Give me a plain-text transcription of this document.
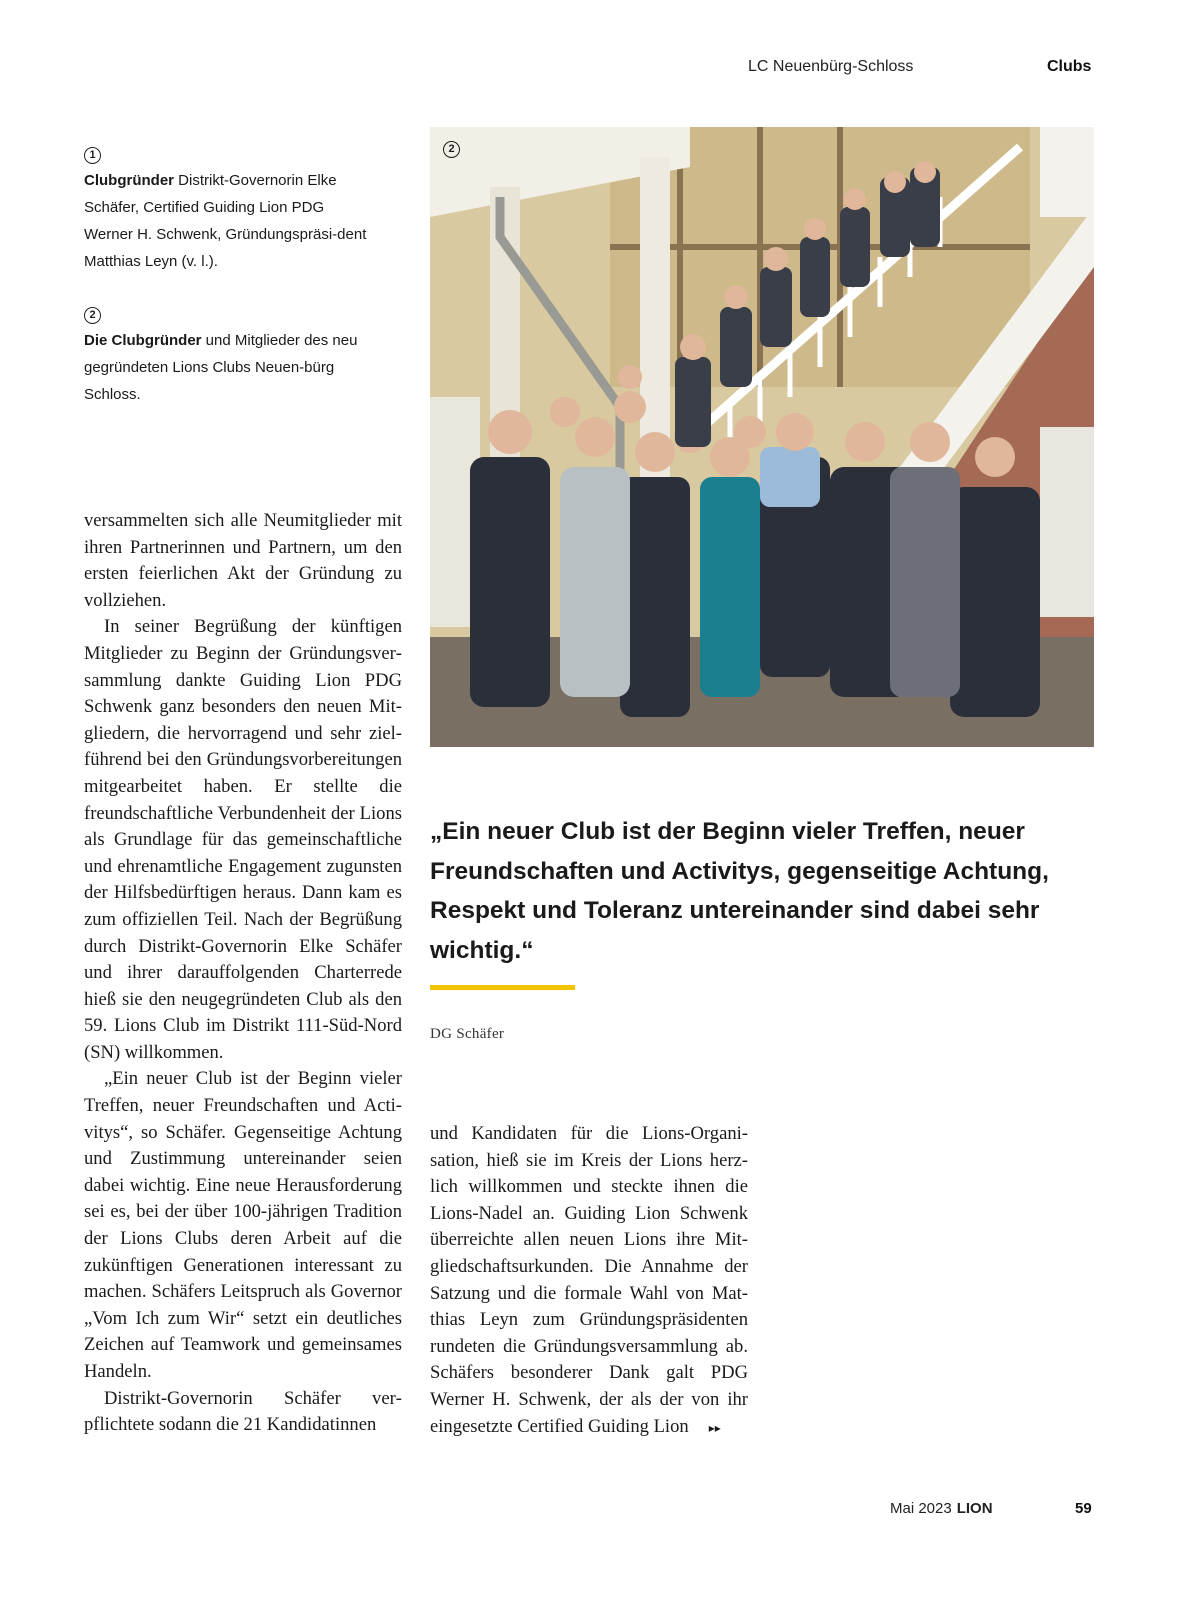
LC Neuenbürg-Schloss	Clubs
1
Clubgründer Distrikt-Governorin Elke Schäfer, Certified Guiding Lion PDG Werner H. Schwenk, Gründungspräsi-dent Matthias Leyn (v. l.).
2
Die Clubgründer und Mitglieder des neu gegründeten Lions Clubs Neuen-bürg Schloss.
2

versammelten sich alle Neumitglieder mit ihren Partnerinnen und Partnern, um den ersten feierlichen Akt der Gründung zu vollziehen.

In seiner Begrüßung der künftigen Mitglieder zu Beginn der Gründungsversammlung dankte Guiding Lion PDG Schwenk ganz besonders den neuen Mitgliedern, die hervorragend und sehr zielführend bei den Gründungsvorbereitungen mitgearbeitet haben. Er stellte die freundschaftliche Verbundenheit der Lions als Grundlage für das gemeinschaftliche und ehrenamtliche Engagement zugunsten der Hilfsbedürftigen heraus. Dann kam es zum offiziellen Teil. Nach der Begrüßung durch Distrikt-Governorin Elke Schäfer und ihrer darauffolgenden Charterrede hieß sie den neugegründeten Club als den 59. Lions Club im Distrikt 111-Süd-Nord (SN) willkommen.

„Ein neuer Club ist der Beginn vieler Treffen, neuer Freundschaften und Activitys“, so Schäfer. Gegenseitige Achtung und Zustimmung untereinander seien dabei wichtig. Eine neue Herausforderung sei es, bei der über 100-jährigen Tradition der Lions Clubs deren Arbeit auf die zukünftigen Generationen interessant zu machen. Schäfers Leitspruch als Governor „Vom Ich zum Wir“ setzt ein deutliches Zeichen auf Teamwork und gemeinsames Handeln.

Distrikt-Governorin Schäfer verpflichtete sodann die 21 Kandidatinnen

„Ein neuer Club ist der Beginn vieler Treffen, neuer Freundschaften und Activitys, gegenseitige Achtung, Respekt und Toleranz untereinander sind dabei sehr wichtig.“
DG Schäfer

und Kandidaten für die Lions-Organisation, hieß sie im Kreis der Lions herzlich willkommen und steckte ihnen die Lions-Nadel an. Guiding Lion Schwenk überreichte allen neuen Lions ihre Mitgliedschaftsurkunden. Die Annahme der Satzung und die formale Wahl von Matthias Leyn zum Gründungspräsidenten rundeten die Gründungsversammlung ab. Schäfers besonderer Dank galt PDG Werner H. Schwenk, der als der von ihr eingesetzte Certified Guiding Lion ▸▸

Mai 2023 LION	59
